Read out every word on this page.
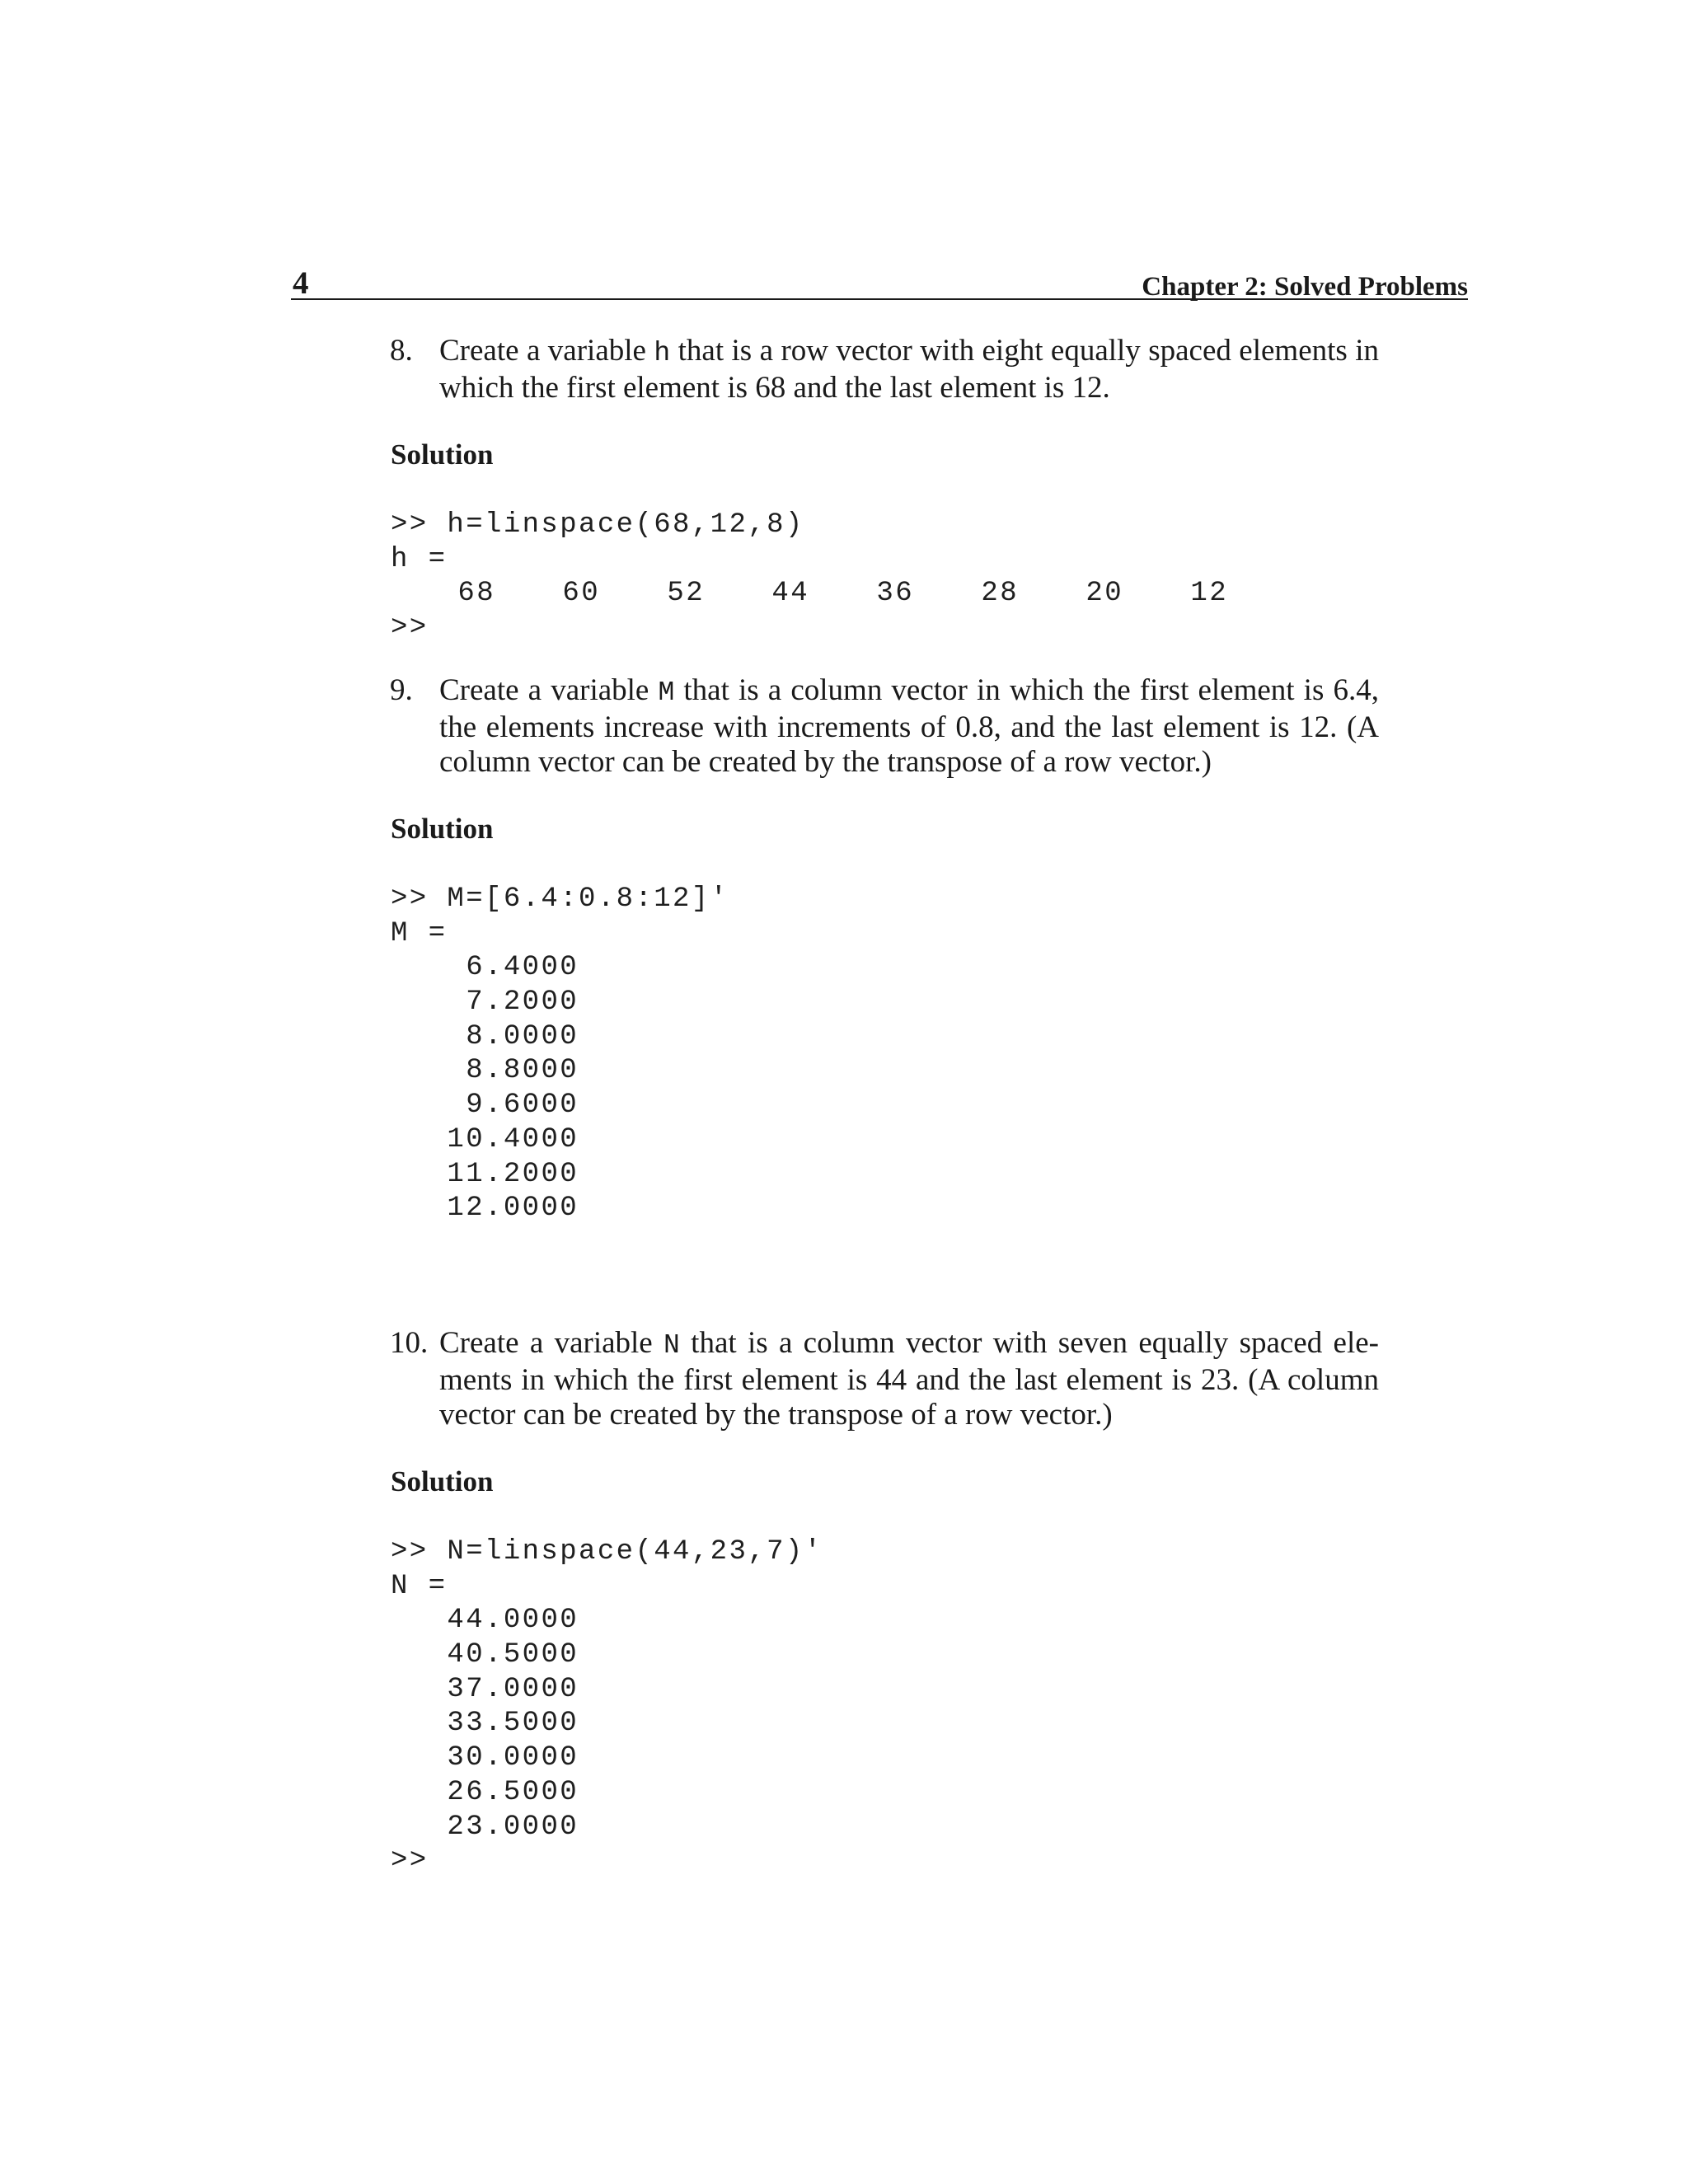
4	Chapter 2: Solved Problems
8. Create a variable h that is a row vector with eight equally spaced elements in which the first element is 68 and the last element is 12.
Solution
>> h=linspace(68,12,8)
h =
68	60	52	44	36	28	20	12
>>
9. Create a variable M that is a column vector in which the first element is 6.4, the elements increase with increments of 0.8, and the last element is 12. (A column vector can be created by the transpose of a row vector.)
Solution
>> M=[6.4:0.8:12]'
M =
6.4000
7.2000
8.0000
8.8000
9.6000
10.4000
11.2000
12.0000
10. Create a variable N that is a column vector with seven equally spaced ele-ments in which the first element is 44 and the last element is 23. (A column vector can be created by the transpose of a row vector.)
Solution
>> N=linspace(44,23,7)'
N =
44.0000
40.5000
37.0000
33.5000
30.0000
26.5000
23.0000
>>
